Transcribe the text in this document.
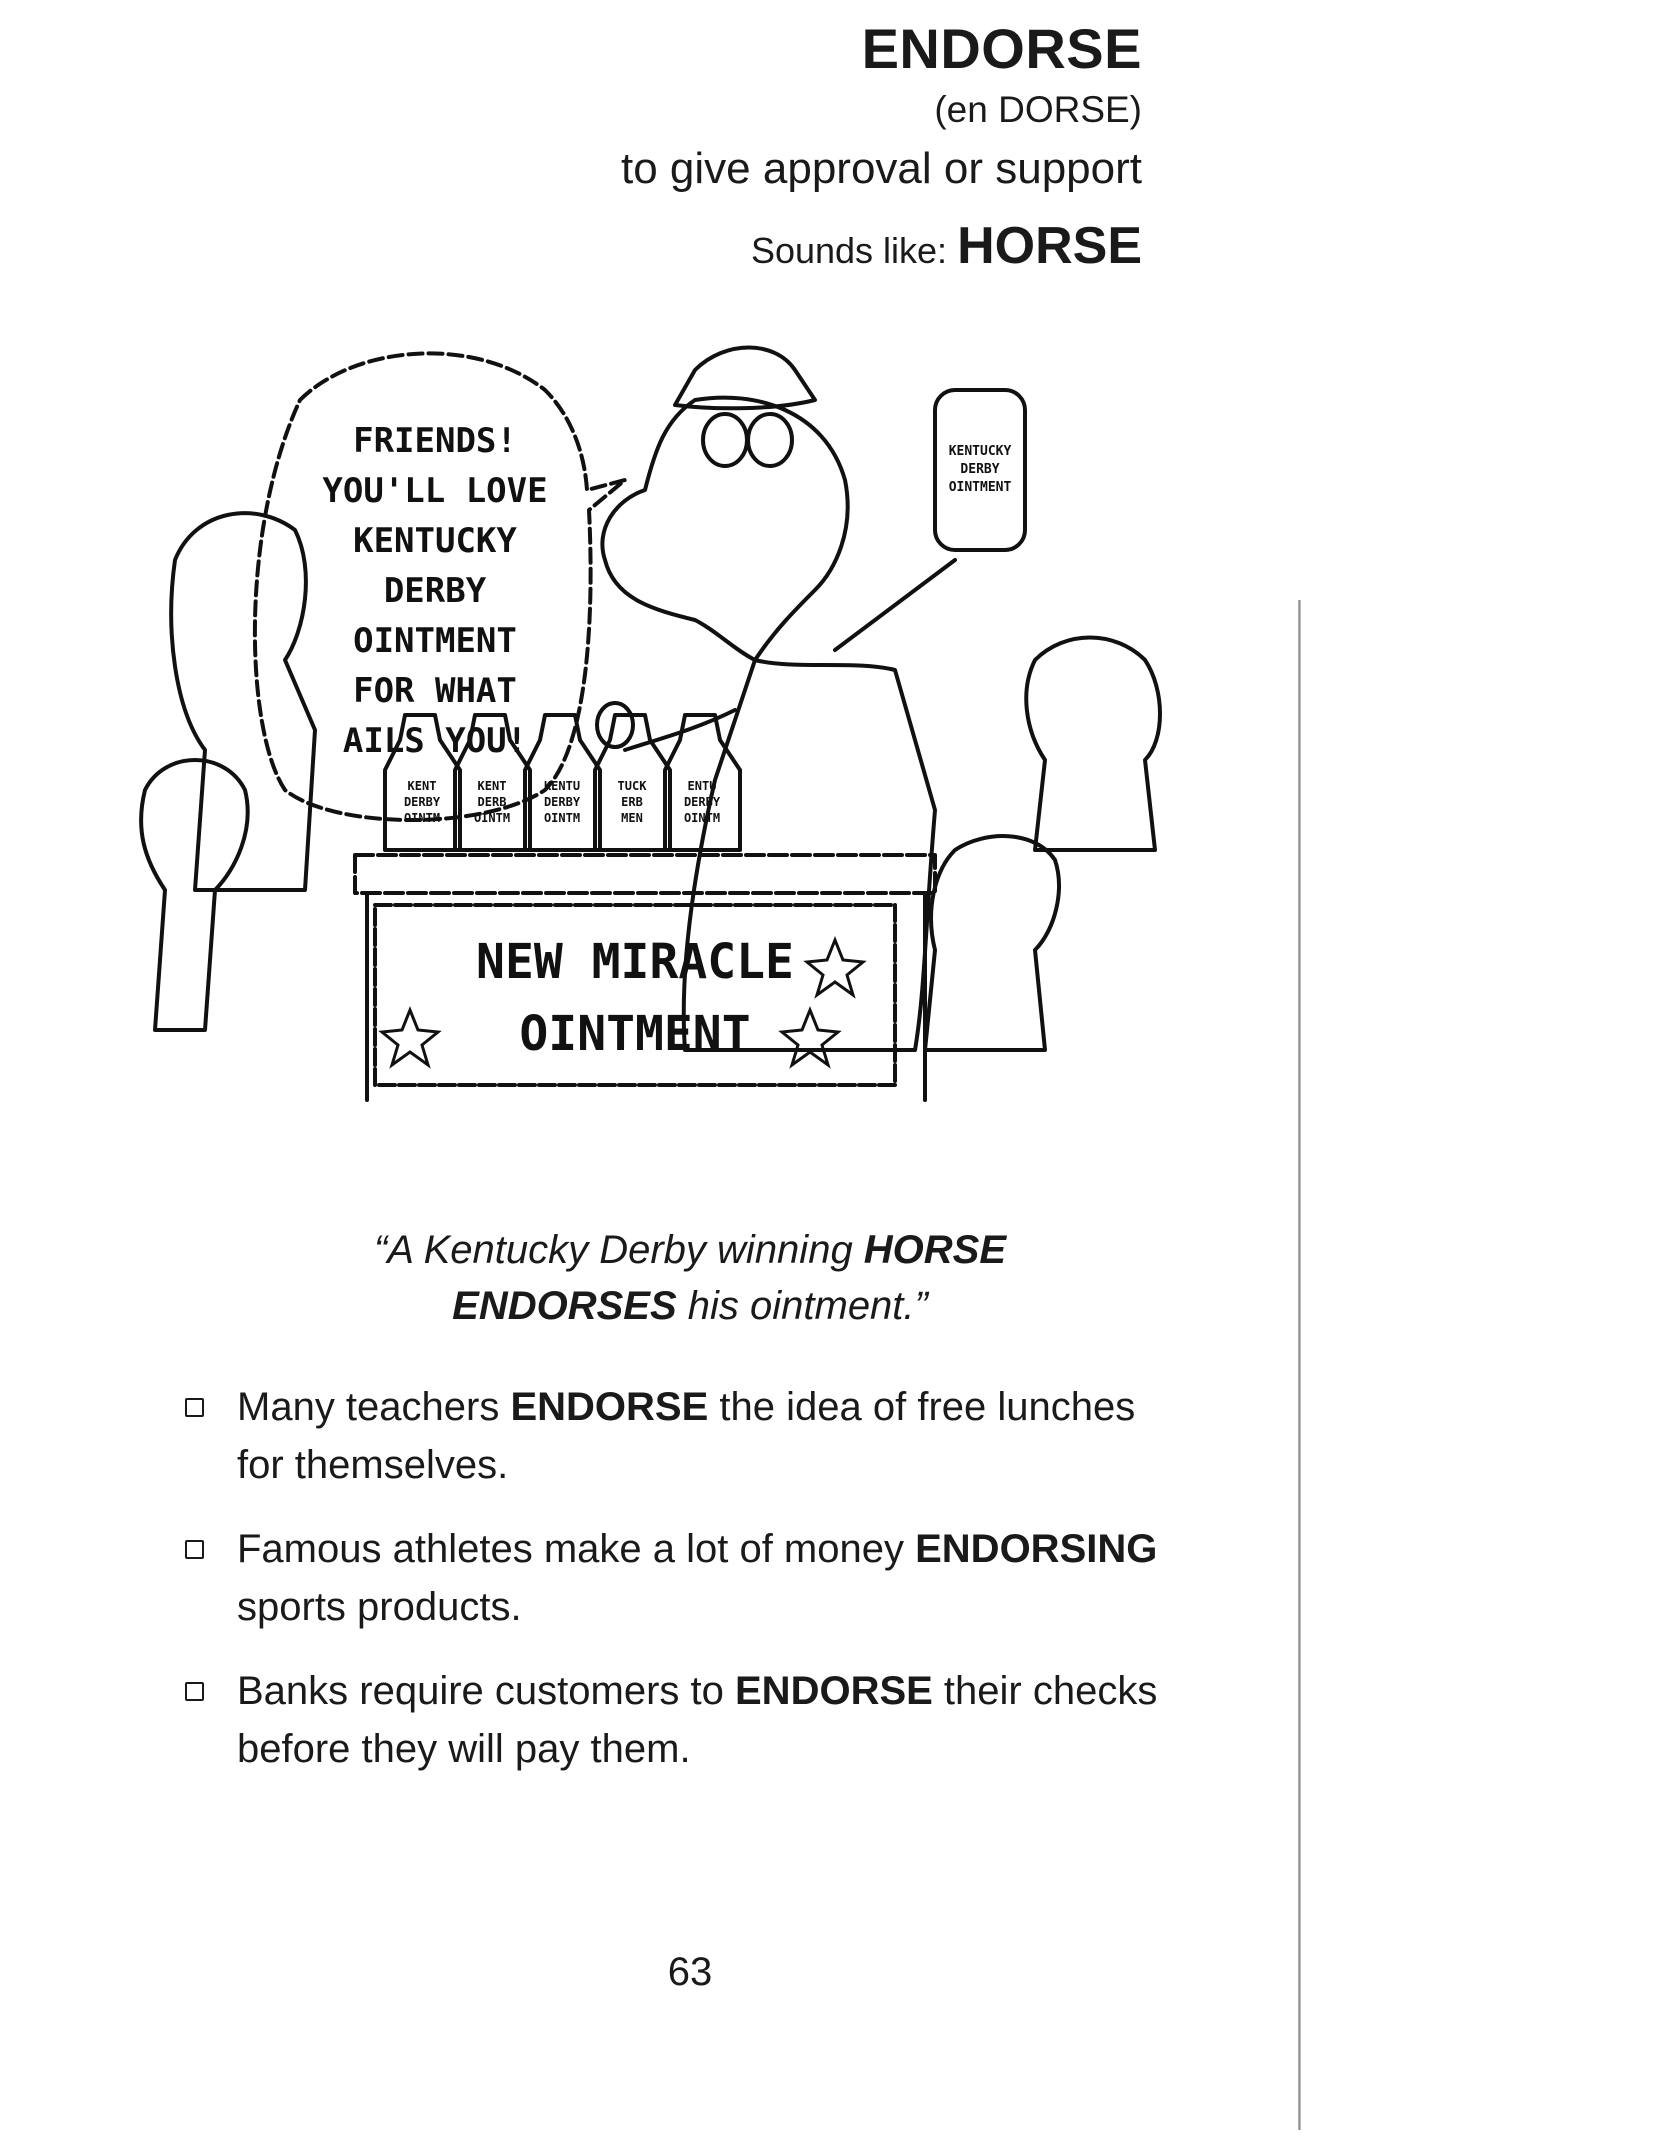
ENDORSE
(en DORSE)
to give approval or support
Sounds like: HORSE
FRIENDS!
YOU'LL LOVE
KENTUCKY
DERBY
OINTMENT
FOR WHAT
AILS YOU!
NEW MIRACLE
OINTMENT
KENTUCKY
DERBY
OINTMENT
KENT
DERBY
OINTM
KENT
DERB
OINTM
KENTU
DERBY
OINTM
TUCK
ERB
MEN
ENTU
DERBY
OINTM
“A Kentucky Derby winning HORSE
ENDORSES his ointment.”
Many teachers ENDORSE the idea of free lunches for themselves.
Famous athletes make a lot of money ENDORSING sports products.
Banks require customers to ENDORSE their checks before they will pay them.
63
